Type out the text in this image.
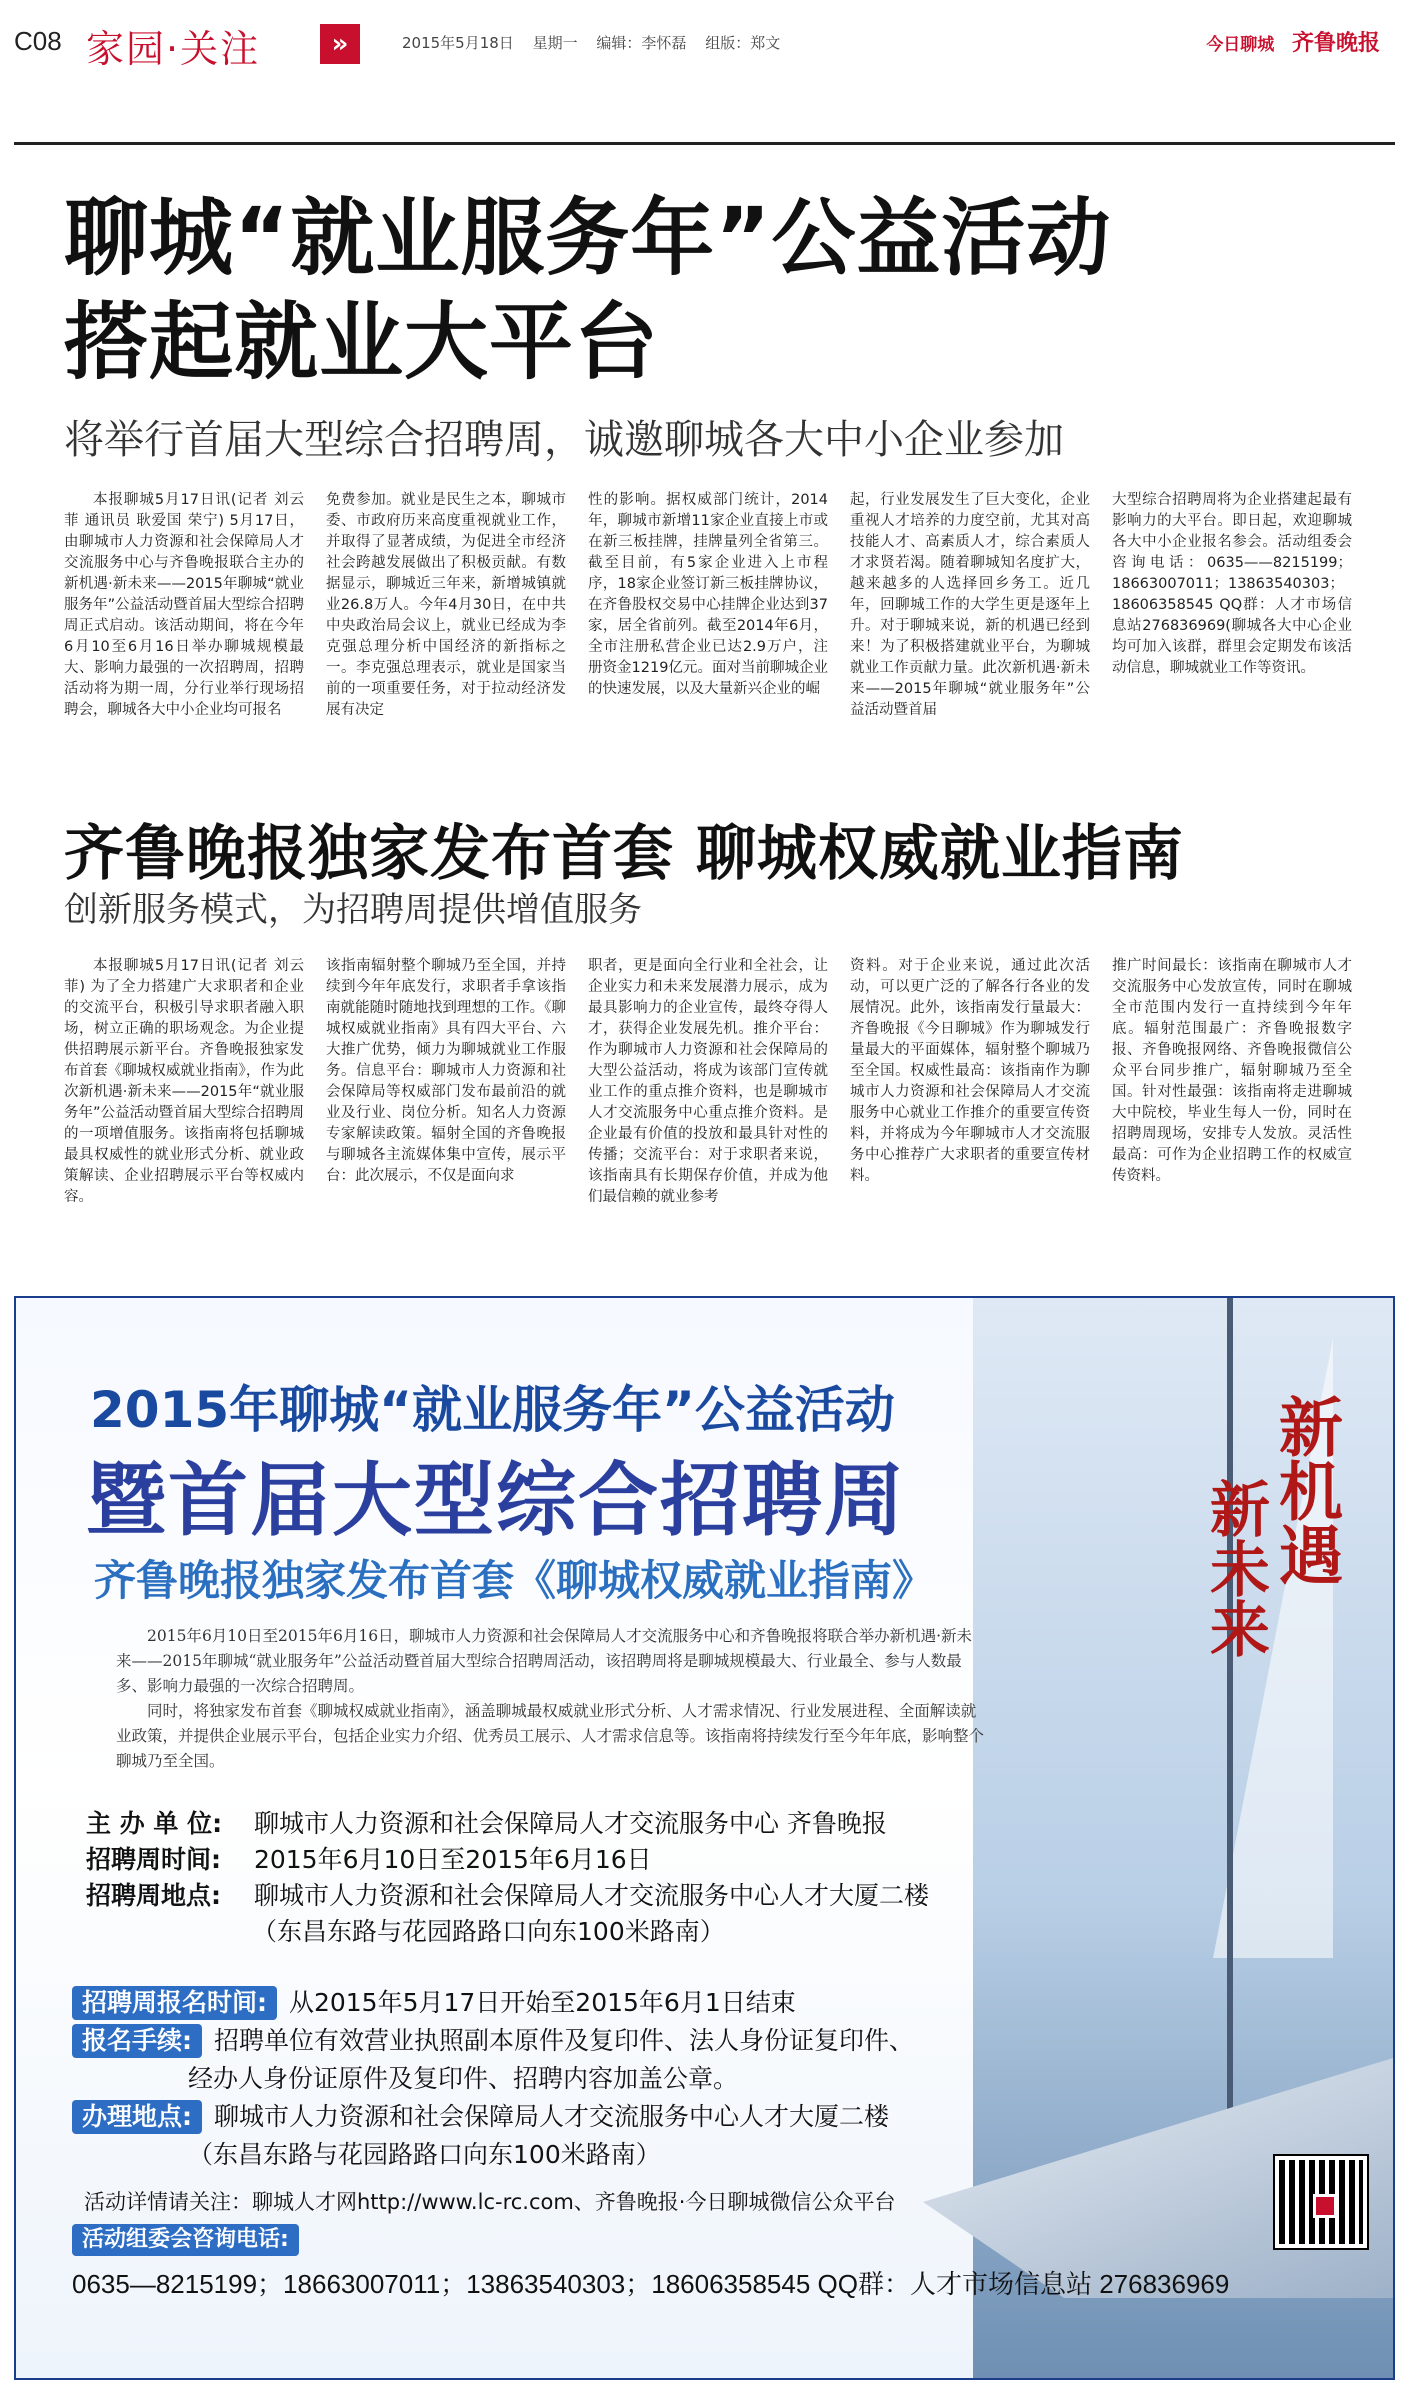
C08 家园·关注	»	2015年5月18日 星期一 编辑：李怀磊 组版：郑文	今日聊城 齐鲁晚报
聊城“就业服务年”公益活动
搭起就业大平台
将举行首届大型综合招聘周，诚邀聊城各大中小企业参加

本报聊城5月17日讯(记者 刘云菲 通讯员 耿爱国 荣宁) 5月17日，由聊城市人力资源和社会保障局人才交流服务中心与齐鲁晚报联合主办的新机遇·新未来——2015年聊城“就业服务年”公益活动暨首届大型综合招聘周正式启动。该活动期间，将在今年6月10至6月16日举办聊城规模最大、影响力最强的一次招聘周，招聘活动将为期一周，分行业举行现场招聘会，聊城各大中小企业均可报名

免费参加。就业是民生之本，聊城市委、市政府历来高度重视就业工作，并取得了显著成绩，为促进全市经济社会跨越发展做出了积极贡献。有数据显示，聊城近三年来，新增城镇就业26.8万人。今年4月30日，在中共中央政治局会议上，就业已经成为李克强总理分析中国经济的新指标之一。李克强总理表示，就业是国家当前的一项重要任务，对于拉动经济发展有决定

性的影响。据权威部门统计，2014年，聊城市新增11家企业直接上市或在新三板挂牌，挂牌量列全省第三。截至目前，有5家企业进入上市程序，18家企业签订新三板挂牌协议，在齐鲁股权交易中心挂牌企业达到37家，居全省前列。截至2014年6月，全市注册私营企业已达2.9万户，注册资金1219亿元。面对当前聊城企业的快速发展，以及大量新兴企业的崛

起，行业发展发生了巨大变化，企业重视人才培养的力度空前，尤其对高技能人才、高素质人才，综合素质人才求贤若渴。随着聊城知名度扩大，越来越多的人选择回乡务工。近几年，回聊城工作的大学生更是逐年上升。对于聊城来说，新的机遇已经到来！为了积极搭建就业平台，为聊城就业工作贡献力量。此次新机遇·新未来——2015年聊城“就业服务年”公益活动暨首届

大型综合招聘周将为企业搭建起最有影响力的大平台。即日起，欢迎聊城各大中小企业报名参会。活动组委会咨询电话：0635——8215199；18663007011；13863540303；18606358545 QQ群：人才市场信息站276836969(聊城各大中心企业均可加入该群，群里会定期发布该活动信息，聊城就业工作等资讯。

齐鲁晚报独家发布首套 聊城权威就业指南
创新服务模式，为招聘周提供增值服务

本报聊城5月17日讯(记者 刘云菲) 为了全力搭建广大求职者和企业的交流平台，积极引导求职者融入职场，树立正确的职场观念。为企业提供招聘展示新平台。齐鲁晚报独家发布首套《聊城权威就业指南》，作为此次新机遇·新未来——2015年“就业服务年”公益活动暨首届大型综合招聘周的一项增值服务。该指南将包括聊城最具权威性的就业形式分析、就业政策解读、企业招聘展示平台等权威内容。

该指南辐射整个聊城乃至全国，并持续到今年年底发行，求职者手拿该指南就能随时随地找到理想的工作。《聊城权威就业指南》具有四大平台、六大推广优势，倾力为聊城就业工作服务。信息平台：聊城市人力资源和社会保障局等权威部门发布最前沿的就业及行业、岗位分析。知名人力资源专家解读政策。辐射全国的齐鲁晚报与聊城各主流媒体集中宣传，展示平台：此次展示，不仅是面向求

职者，更是面向全行业和全社会，让企业实力和未来发展潜力展示，成为最具影响力的企业宣传，最终夺得人才，获得企业发展先机。推介平台：作为聊城市人力资源和社会保障局的大型公益活动，将成为该部门宣传就业工作的重点推介资料，也是聊城市人才交流服务中心重点推介资料。是企业最有价值的投放和最具针对性的传播；交流平台：对于求职者来说，该指南具有长期保存价值，并成为他们最信赖的就业参考

资料。对于企业来说，通过此次活动，可以更广泛的了解各行各业的发展情况。此外，该指南发行量最大：齐鲁晚报《今日聊城》作为聊城发行量最大的平面媒体，辐射整个聊城乃至全国。权威性最高：该指南作为聊城市人力资源和社会保障局人才交流服务中心就业工作推介的重要宣传资料，并将成为今年聊城市人才交流服务中心推荐广大求职者的重要宣传材料。

推广时间最长：该指南在聊城市人才交流服务中心发放宣传，同时在聊城全市范围内发行一直持续到今年年底。辐射范围最广：齐鲁晚报数字报、齐鲁晚报网络、齐鲁晚报微信公众平台同步推广，辐射聊城乃至全国。针对性最强：该指南将走进聊城大中院校，毕业生每人一份，同时在招聘周现场，安排专人发放。灵活性最高：可作为企业招聘工作的权威宣传资料。

新机遇
新未来
2015年聊城“就业服务年”公益活动
暨首届大型综合招聘周
齐鲁晚报独家发布首套《聊城权威就业指南》

2015年6月10日至2015年6月16日，聊城市人力资源和社会保障局人才交流服务中心和齐鲁晚报将联合举办新机遇·新未来——2015年聊城“就业服务年”公益活动暨首届大型综合招聘周活动，该招聘周将是聊城规模最大、行业最全、参与人数最多、影响力最强的一次综合招聘周。

同时，将独家发布首套《聊城权威就业指南》，涵盖聊城最权威就业形式分析、人才需求情况、行业发展进程、全面解读就业政策，并提供企业展示平台，包括企业实力介绍、优秀员工展示、人才需求信息等。该指南将持续发行至今年年底，影响整个聊城乃至全国。

主 办 单 位: 聊城市人力资源和社会保障局人才交流服务中心 齐鲁晚报
招聘周时间: 2015年6月10日至2015年6月16日
招聘周地点: 聊城市人力资源和社会保障局人才交流服务中心人才大厦二楼
（东昌东路与花园路路口向东100米路南）
招聘周报名时间: 从2015年5月17日开始至2015年6月1日结束
报名手续: 招聘单位有效营业执照副本原件及复印件、法人身份证复印件、
经办人身份证原件及复印件、招聘内容加盖公章。
办理地点: 聊城市人力资源和社会保障局人才交流服务中心人才大厦二楼
（东昌东路与花园路路口向东100米路南）
活动详情请关注：聊城人才网http://www.lc-rc.com、齐鲁晚报·今日聊城微信公众平台
活动组委会咨询电话:
0635—8215199；18663007011；13863540303；18606358545 QQ群：人才市场信息站 276836969
